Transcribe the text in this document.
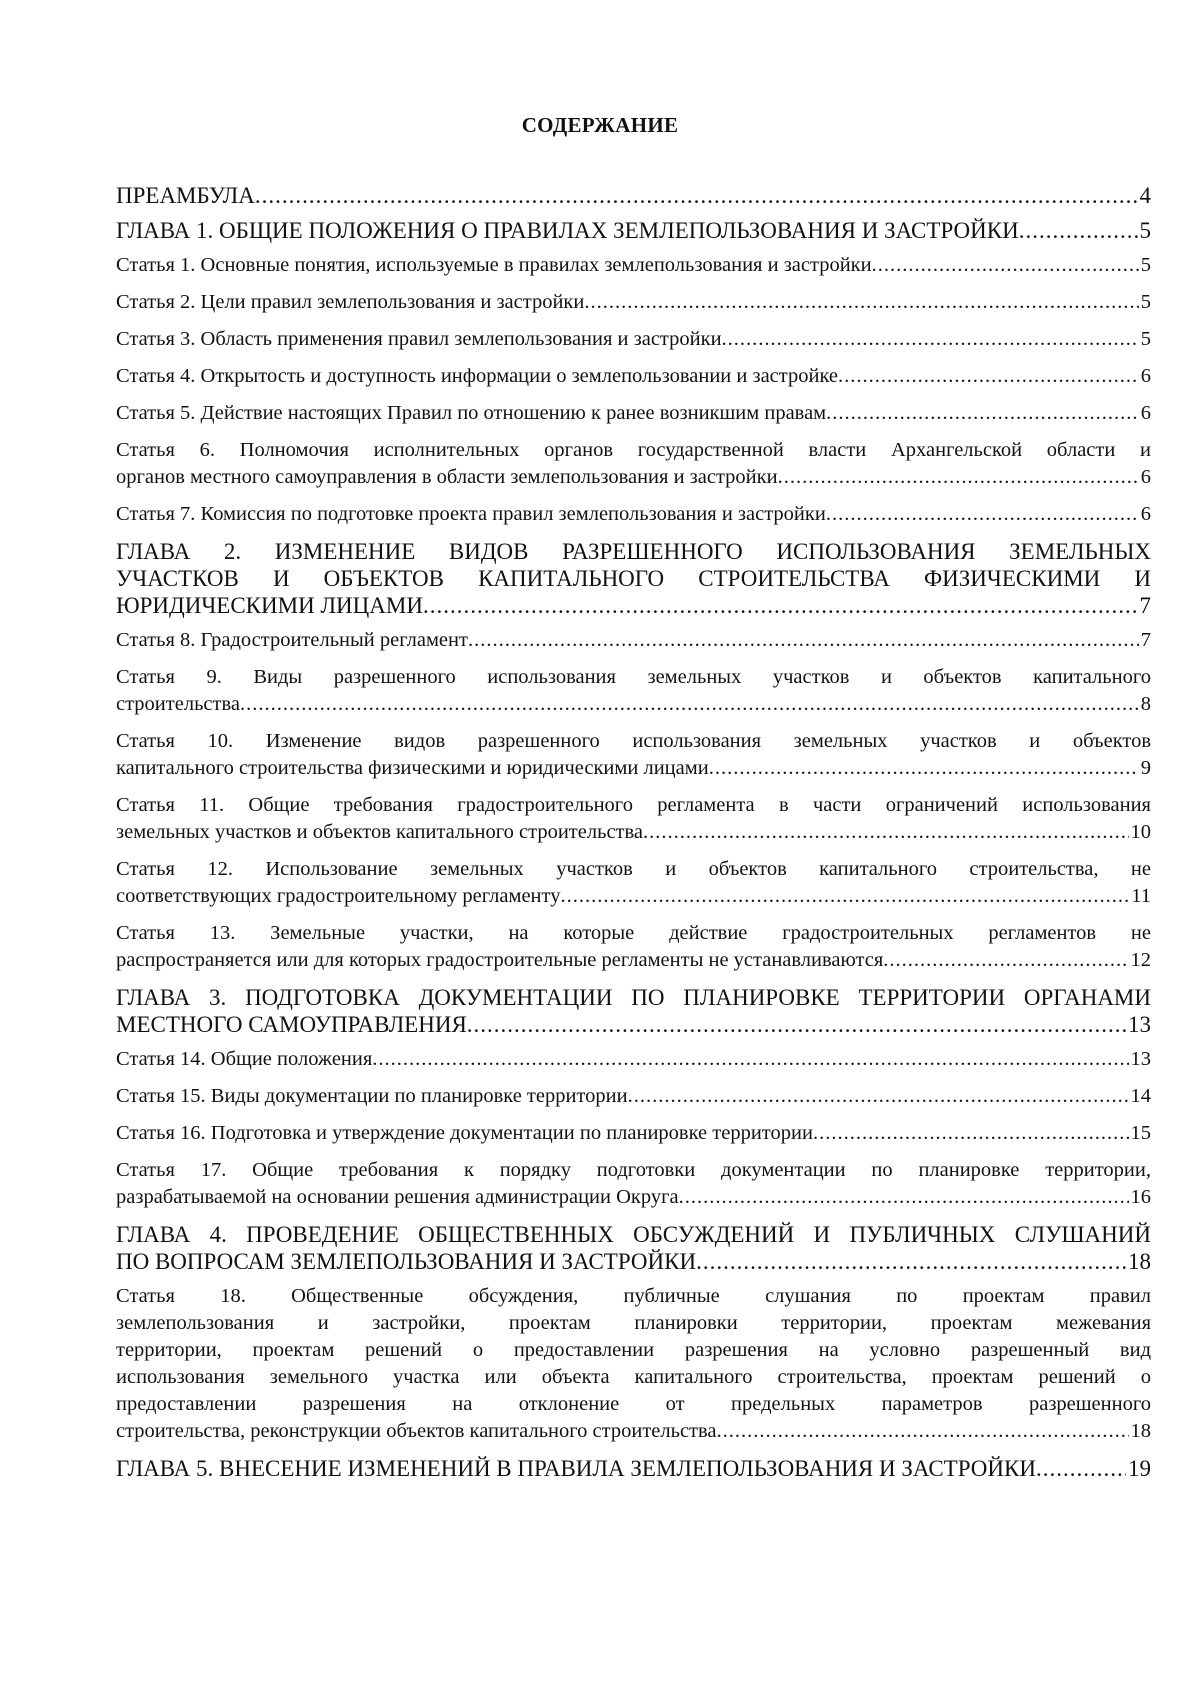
СОДЕРЖАНИЕ
ПРЕАМБУЛА .....	4
ГЛАВА 1. ОБЩИЕ ПОЛОЖЕНИЯ О ПРАВИЛАХ ЗЕМЛЕПОЛЬЗОВАНИЯ И ЗАСТРОЙКИ .....	5
Статья 1. Основные понятия, используемые в правилах землепользования и застройки .....	5
Статья 2. Цели правил землепользования и застройки .....	5
Статья 3. Область применения правил землепользования и застройки .....	5
Статья 4. Открытость и доступность информации о землепользовании и застройке .....	6
Статья 5. Действие настоящих Правил по отношению к ранее возникшим правам .....	6
Статья 6. Полномочия исполнительных органов государственной власти Архангельской области и
органов местного самоуправления в области землепользования и застройки .....	6
Статья 7. Комиссия по подготовке проекта правил землепользования и застройки .....	6
ГЛАВА 2. ИЗМЕНЕНИЕ ВИДОВ РАЗРЕШЕННОГО ИСПОЛЬЗОВАНИЯ ЗЕМЕЛЬНЫХ
УЧАСТКОВ И ОБЪЕКТОВ КАПИТАЛЬНОГО СТРОИТЕЛЬСТВА ФИЗИЧЕСКИМИ И
ЮРИДИЧЕСКИМИ ЛИЦАМИ .....	7
Статья 8. Градостроительный регламент .....	7
Статья 9. Виды разрешенного использования земельных участков и объектов капитального
строительства .....	8
Статья 10. Изменение видов разрешенного использования земельных участков и объектов
капитального строительства физическими и юридическими лицами .....	9
Статья 11. Общие требования градостроительного регламента в части ограничений использования
земельных участков и объектов капитального строительства .....	10
Статья 12. Использование земельных участков и объектов капитального строительства, не
соответствующих градостроительному регламенту .....	11
Статья 13. Земельные участки, на которые действие градостроительных регламентов не
распространяется или для которых градостроительные регламенты не устанавливаются .....	12
ГЛАВА 3. ПОДГОТОВКА ДОКУМЕНТАЦИИ ПО ПЛАНИРОВКЕ ТЕРРИТОРИИ ОРГАНАМИ
МЕСТНОГО САМОУПРАВЛЕНИЯ .....	13
Статья 14. Общие положения .....	13
Статья 15. Виды документации по планировке территории .....	14
Статья 16. Подготовка и утверждение документации по планировке территории .....	15
Статья 17. Общие требования к порядку подготовки документации по планировке территории,
разрабатываемой на основании решения администрации Округа .....	16
ГЛАВА 4. ПРОВЕДЕНИЕ ОБЩЕСТВЕННЫХ ОБСУЖДЕНИЙ И ПУБЛИЧНЫХ СЛУШАНИЙ
ПО ВОПРОСАМ ЗЕМЛЕПОЛЬЗОВАНИЯ И ЗАСТРОЙКИ .....	18
Статья 18. Общественные обсуждения, публичные слушания по проектам правил
землепользования и застройки, проектам планировки территории, проектам межевания
территории, проектам решений о предоставлении разрешения на условно разрешенный вид
использования земельного участка или объекта капитального строительства, проектам решений о
предоставлении разрешения на отклонение от предельных параметров разрешенного
строительства, реконструкции объектов капитального строительства .....	18
ГЛАВА 5. ВНЕСЕНИЕ ИЗМЕНЕНИЙ В ПРАВИЛА ЗЕМЛЕПОЛЬЗОВАНИЯ И ЗАСТРОЙКИ .....	19
